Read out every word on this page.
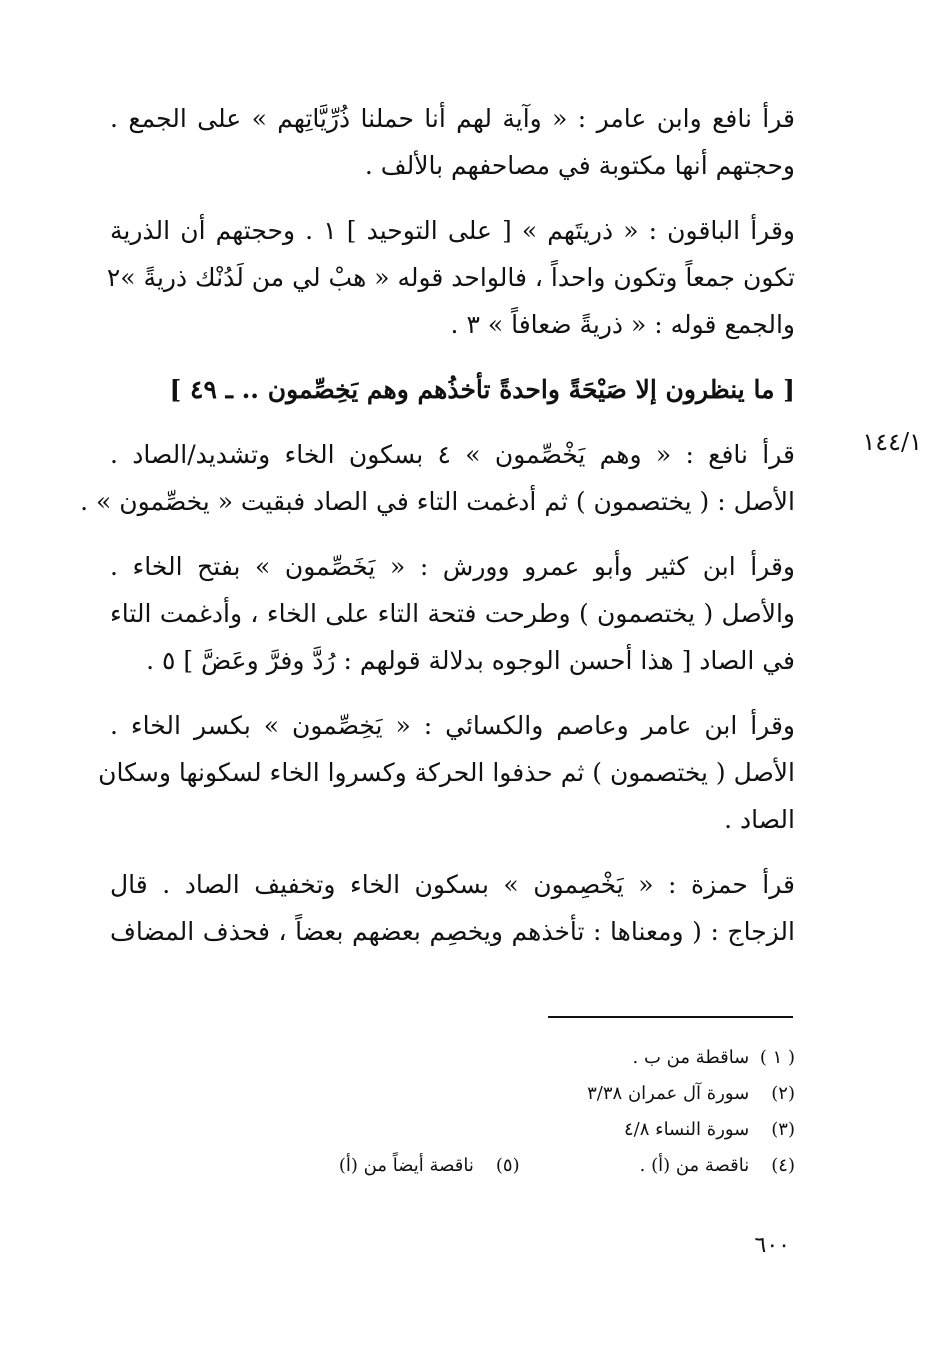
قرأ نافع وابن عامر : « وآية لهم أنا حملنا ذُرِّيَّاتِهم » على الجمع .
وحجتهم أنها مكتوبة في مصاحفهم بالألف .

وقرأ الباقون : « ذريتَهم » [ على التوحيد ] ١ . وحجتهم أن الذرية
تكون جمعاً وتكون واحداً ، فالواحد قوله « هبْ لي من لَدُنْك ذريةً »٢
والجمع قوله : « ذريةً ضعافاً » ٣ .

[ ما ينظرون إلا صَيْحَةً واحدةً تأخذُهم وهم يَخِصِّمون .. ـ ٤٩ ]

قرأ نافع : « وهم يَخْصِّمون » ٤ بسكون الخاء وتشديد/الصاد .
الأصل : ( يختصمون ) ثم أدغمت التاء في الصاد فبقيت « يخصِّمون » .

وقرأ ابن كثير وأبو عمرو وورش : « يَخَصِّمون » بفتح الخاء .
والأصل ( يختصمون ) وطرحت فتحة التاء على الخاء ، وأدغمت التاء
في الصاد [ هذا أحسن الوجوه بدلالة قولهم : رُدَّ وفرَّ وعَضَّ ] ٥ .

وقرأ ابن عامر وعاصم والكسائي : « يَخِصِّمون » بكسر الخاء .
الأصل ( يختصمون ) ثم حذفوا الحركة وكسروا الخاء لسكونها وسكان
الصاد .

قرأ حمزة : « يَخْصِمون » بسكون الخاء وتخفيف الصاد . قال
الزجاج : ( ومعناها : تأخذهم ويخصِم بعضهم بعضاً ، فحذف المضاف

١٤٤/١
( ١ ) ساقطة من ب .
(٢) سورة آل عمران ٣/٣٨
(٣) سورة النساء ٤/٨
(٤) ناقصة من (أ) .
(٥) ناقصة أيضاً من (أ)
٦٠٠
